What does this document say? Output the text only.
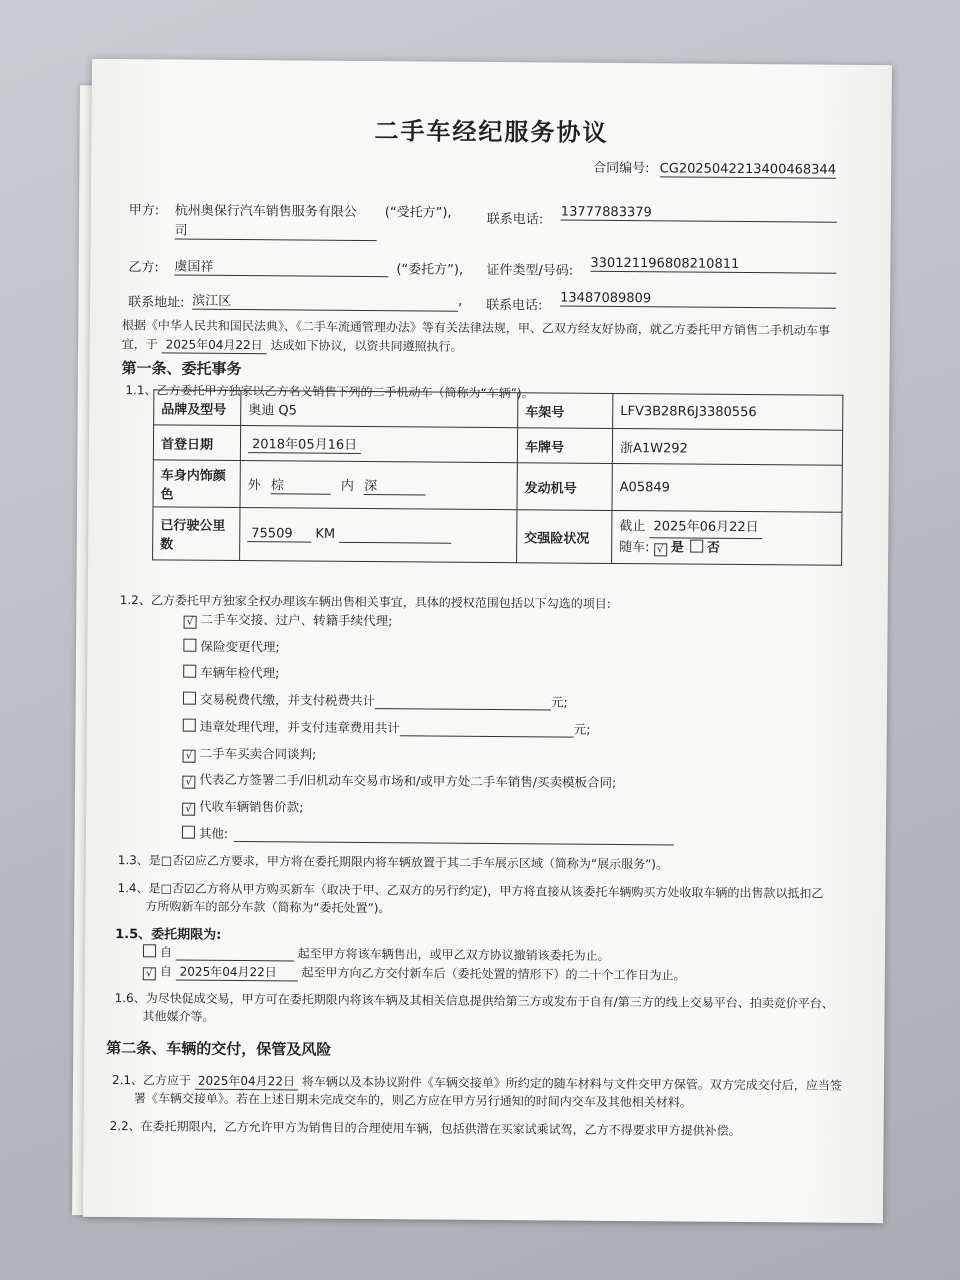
二手车经纪服务协议
合同编号: CG2025042213400468344
甲方: 杭州奥保行汽车销售服务有限公 (“受托方”),
司
联系电话: 13777883379
乙方: 虞国祥	(“委托方”), 证件类型/号码: 330121196808210811
联系地址: 滨江区	, 联系电话: 13487089809
根据《中华人民共和国民法典》、《二手车流通管理办法》等有关法律法规，甲、乙双方经友好协商，就乙方委托甲方销售二手机动车事
宜，于 2025年04月22日 达成如下协议，以资共同遵照执行。
第一条、委托事务
1.1、乙方委托甲方独家以乙方名义销售下列的二手机动车（简称为“车辆”)。
品牌及型号	奥迪 Q5	车架号	LFV3B28R6J3380556
首登日期	2018年05月16日	车牌号	浙A1W292
车身内饰颜色	外 棕 内 深	发动机号	A05849
已行驶公里数	75509 KM	交强险状况	截止 2025年06月22日
随车: √ 是 否
1.2、乙方委托甲方独家全权办理该车辆出售相关事宜，具体的授权范围包括以下勾选的项目:
√ 二手车交接、过户、转籍手续代理;
保险变更代理;
车辆年检代理;
交易税费代缴，并支付税费共计	元;
违章处理代理，并支付违章费用共计	元;
√ 二手车买卖合同谈判;
√ 代表乙方签署二手/旧机动车交易市场和/或甲方处二手车销售/买卖模板合同;
√ 代收车辆销售价款;
其他:
1.3、是□否☑应乙方要求，甲方将在委托期限内将车辆放置于其二手车展示区域（简称为“展示服务”)。
1.4、是□否☑乙方将从甲方购买新车（取决于甲、乙双方的另行约定)，甲方将直接从该委托车辆购买方处收取车辆的出售款以抵扣乙
方所购新车的部分车款（简称为“委托处置”)。
1.5、委托期限为:
自	起至甲方将该车辆售出，或甲乙双方协议撤销该委托为止。
√ 自 2025年04月22日 起至甲方向乙方交付新车后（委托处置的情形下）的二十个工作日为止。
1.6、为尽快促成交易，甲方可在委托期限内将该车辆及其相关信息提供给第三方或发布于自有/第三方的线上交易平台、拍卖竞价平台、
其他媒介等。
第二条、车辆的交付，保管及风险
2.1、乙方应于 2025年04月22日 将车辆以及本协议附件《车辆交接单》所约定的随车材料与文件交甲方保管。双方完成交付后，应当签
署《车辆交接单》。若在上述日期未完成交车的，则乙方应在甲方另行通知的时间内交车及其他相关材料。
2.2、在委托期限内，乙方允许甲方为销售目的合理使用车辆，包括供潜在买家试乘试驾，乙方不得要求甲方提供补偿。
